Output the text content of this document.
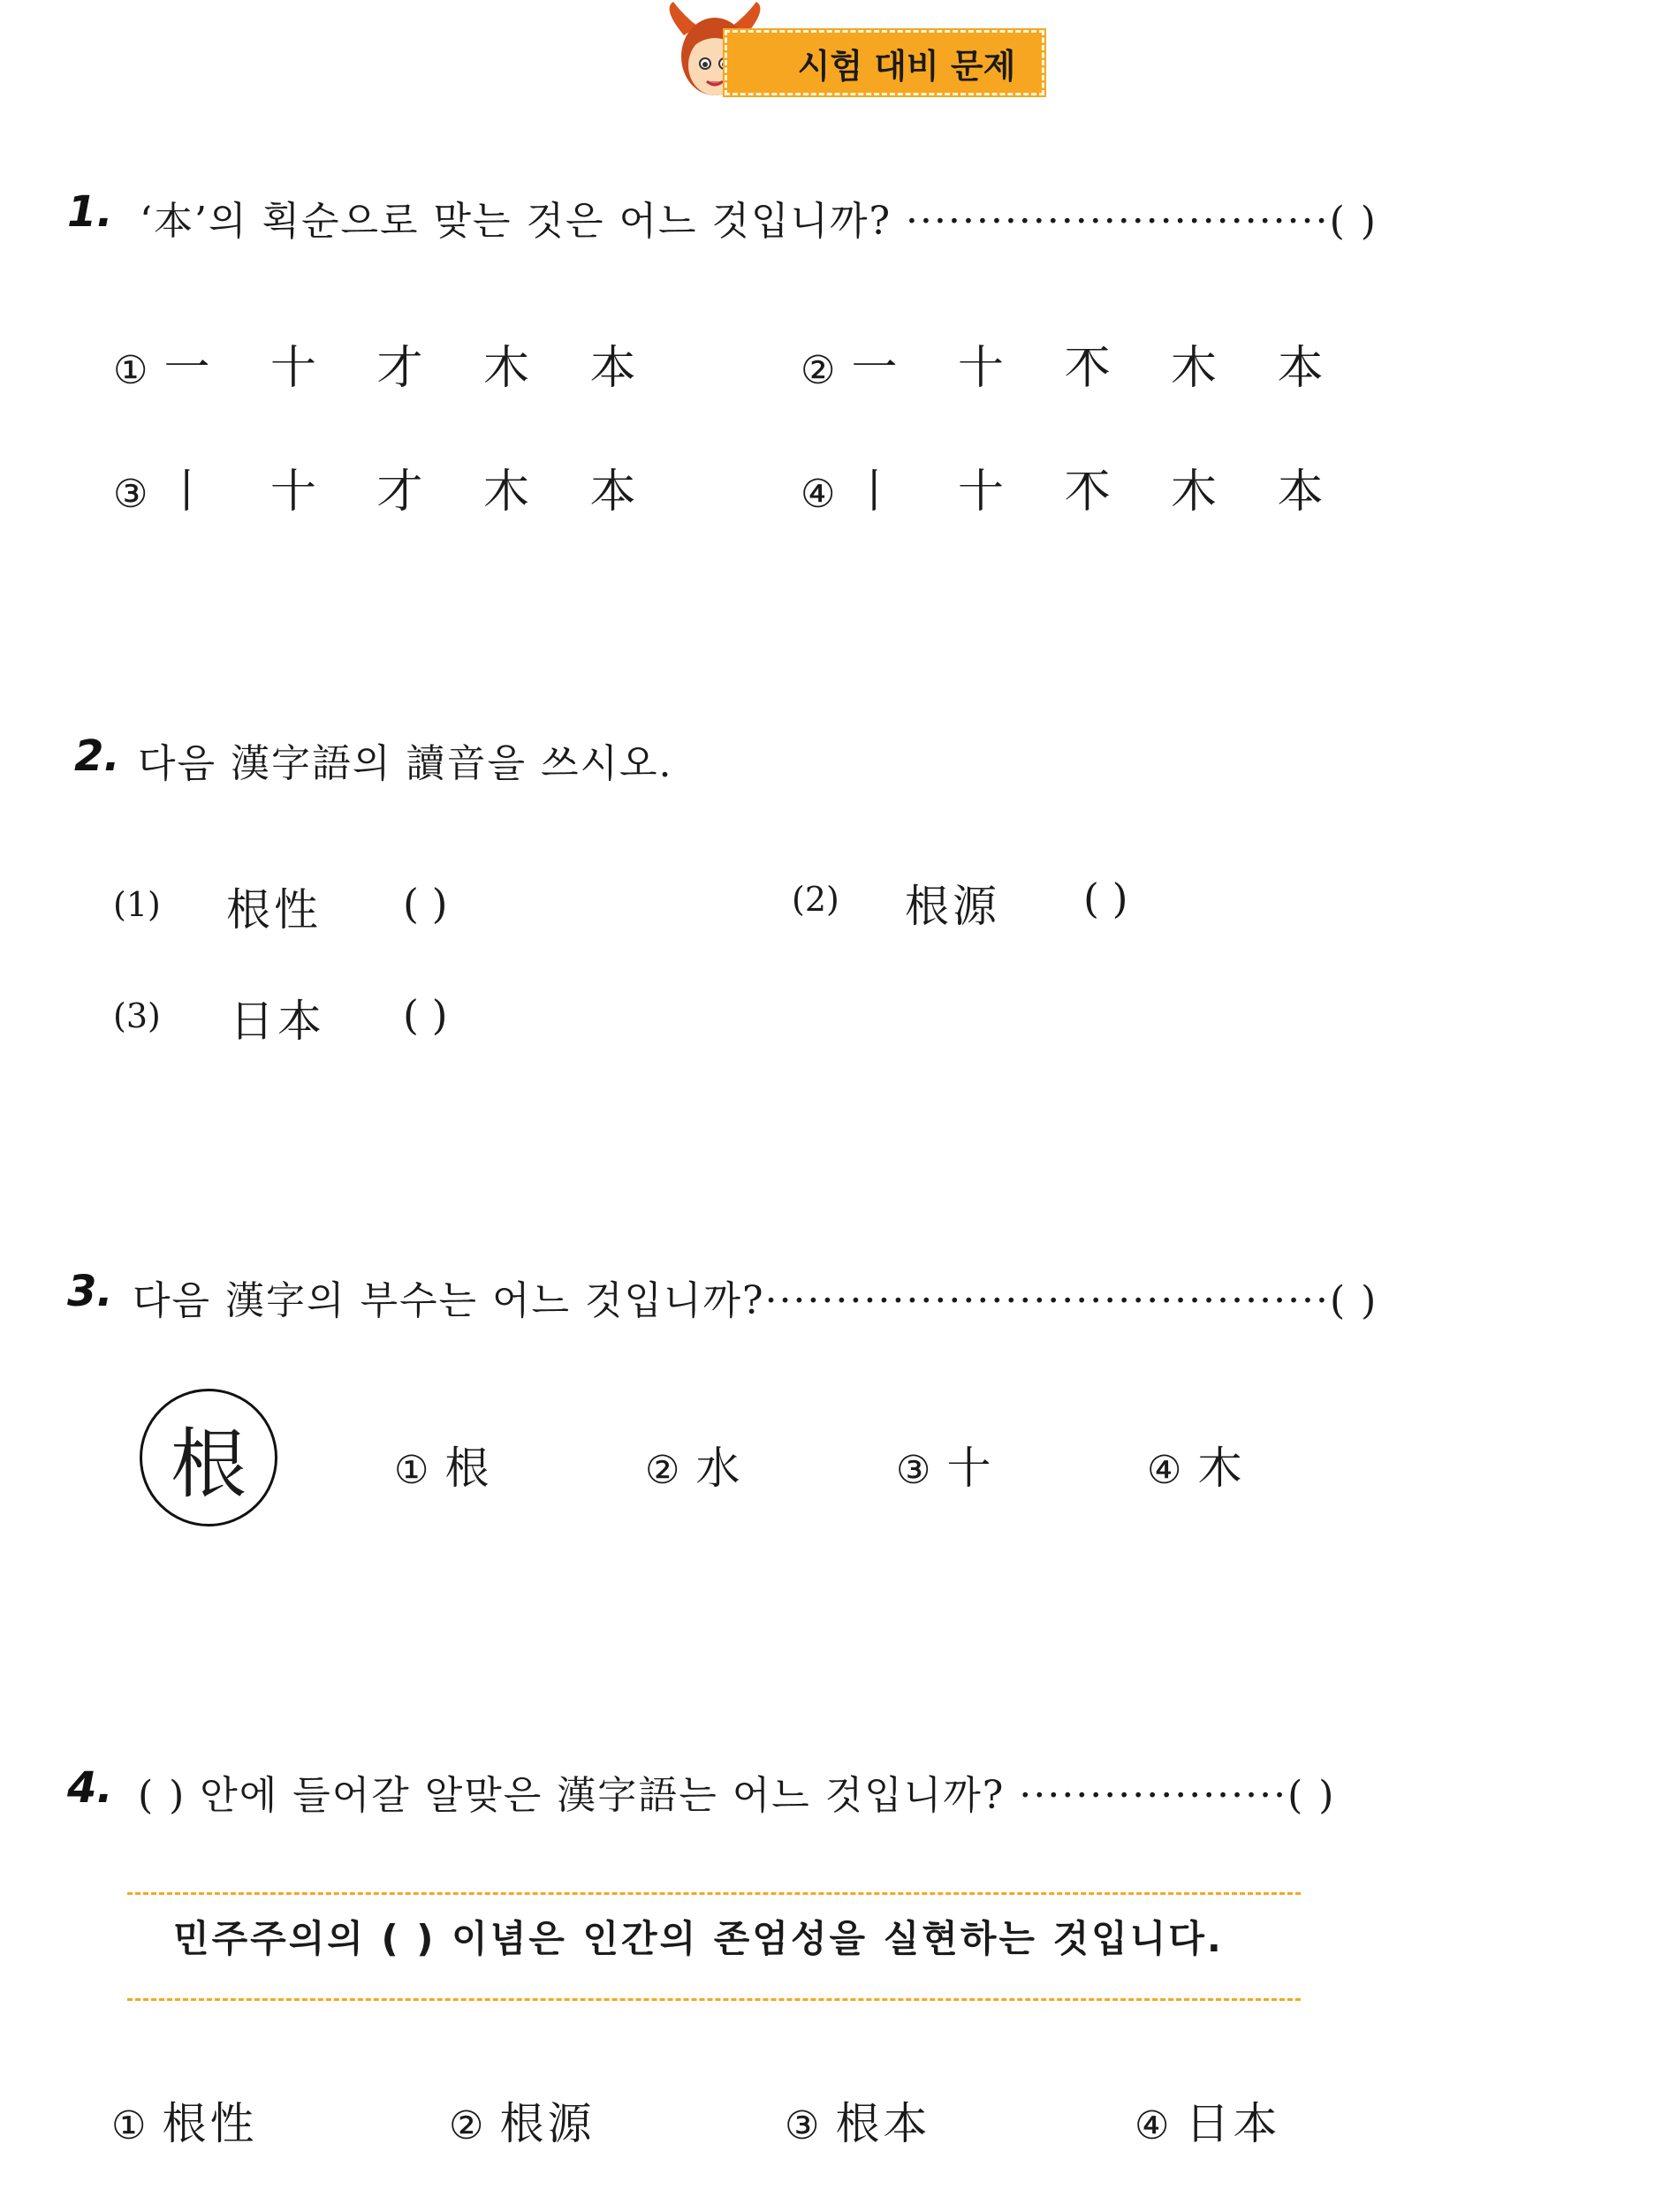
시험 대비 문제
1. ‘本’의 획순으로 맞는 것은 어느 것입니까? ······························( )
① 一 十 才 木 本	② 一 十 𣎴 木 本
③ 丨 十 才 木 本	④ 丨 十 𣎴 木 本
2. 다음 漢字語의 讀音을 쓰시오.
(1) 根性 ( )	(2) 根源 ( )
(3) 日本 ( )
3. 다음 漢字의 부수는 어느 것입니까?········································( )
根	① 根	② 水	③ 十	④ 木
4. ( ) 안에 들어갈 알맞은 漢字語는 어느 것입니까? ···················( )
민주주의의 ( ) 이념은 인간의 존엄성을 실현하는 것입니다.
① 根性	② 根源	③ 根本	④ 日本
